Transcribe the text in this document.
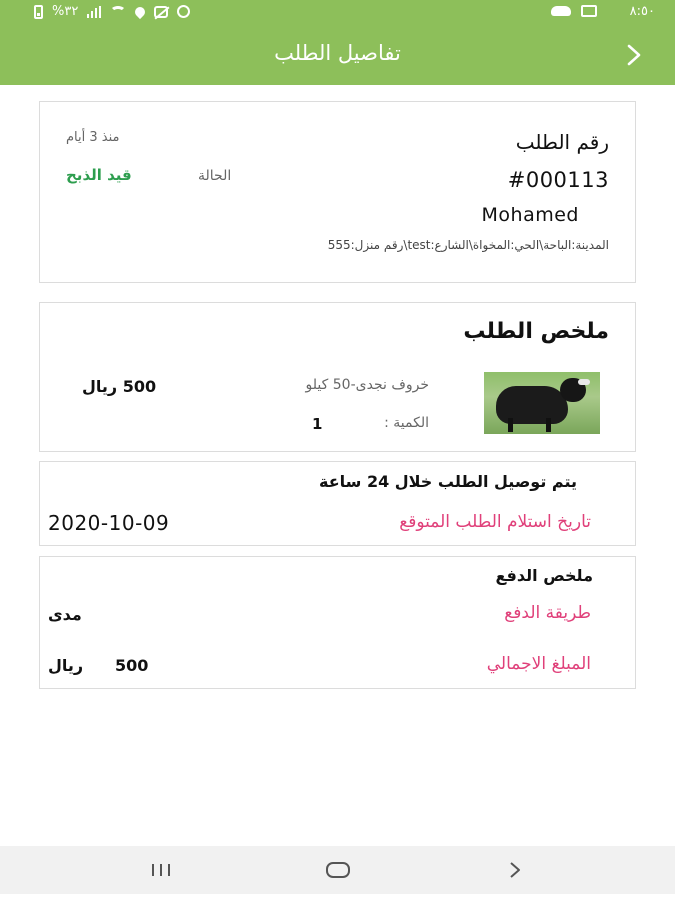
%٣٢	٨:٥٠
تفاصيل الطلب
رقم الطلب
#000113
Mohamed
منذ 3 أيام
الحالة
قيد الذبح
المدينة:الباحة\الحي:المخواة\الشارع:test\رقم منزل:555
ملخص الطلب
خروف نجدى-50 كيلو
500 ريال
الكمية :
1
يتم توصيل الطلب خلال 24 ساعة
تاريخ استلام الطلب المتوقع
2020-10-09
ملخص الدفع
طريقة الدفع
مدى
المبلغ الاجمالي
500
ريال
